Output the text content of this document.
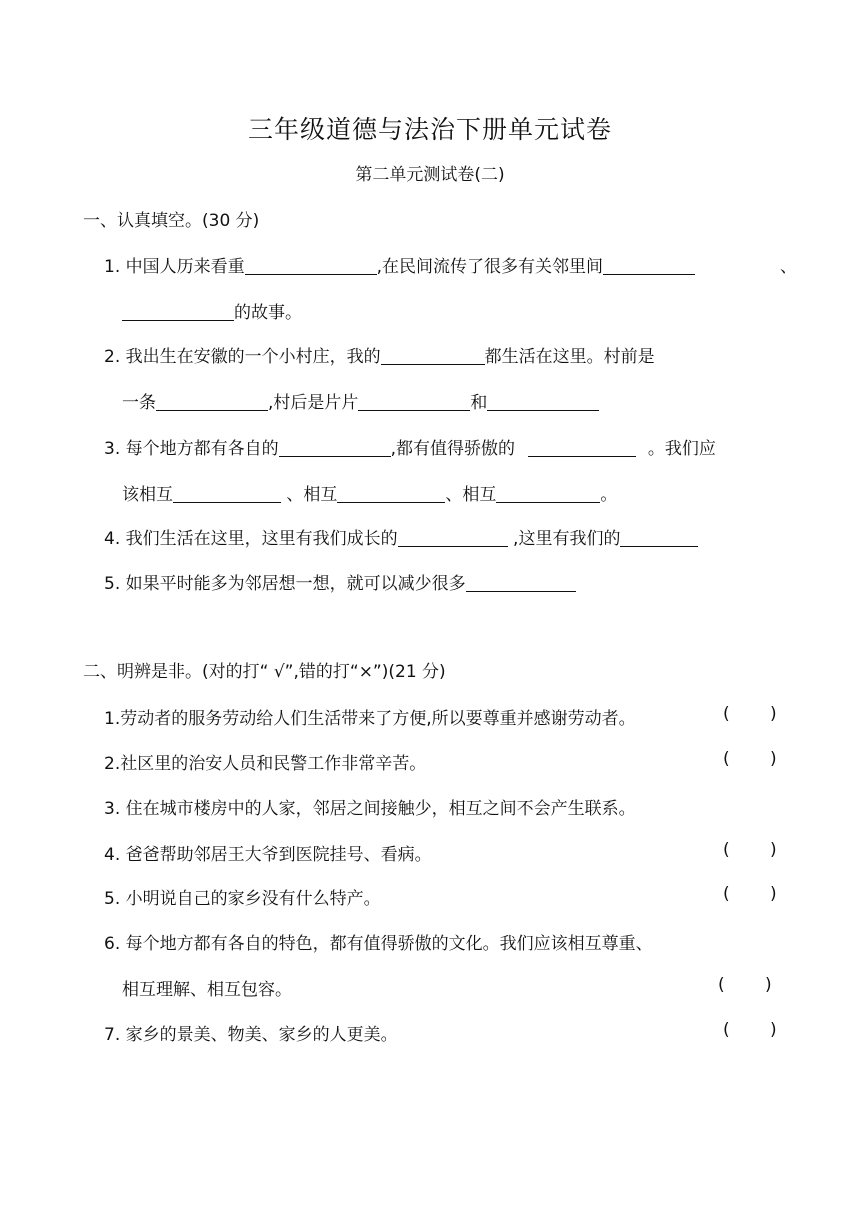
三年级道德与法治下册单元试卷
第二单元测试卷(二)
一、认真填空。(30 分)
1. 中国人历来看重	,在民间流传了很多有关邻里间	、
的故事。
2. 我出生在安徽的一个小村庄，我的	都生活在这里。村前是
一条	,村后是片片	和
3. 每个地方都有各自的	,都有值得骄傲的	。我们应
该相互	、相互	、相互	。
4. 我们生活在这里，这里有我们成长的	,这里有我们的
5. 如果平时能多为邻居想一想，就可以减少很多
二、明辨是非。(对的打“ √”,错的打“×”)(21 分)
1.劳动者的服务劳动给人们生活带来了方便,所以要尊重并感谢劳动者。	( )
2.社区里的治安人员和民警工作非常辛苦。	( )
3. 住在城市楼房中的人家，邻居之间接触少，相互之间不会产生联系。
4. 爸爸帮助邻居王大爷到医院挂号、看病。	( )
5. 小明说自己的家乡没有什么特产。	( )
6. 每个地方都有各自的特色，都有值得骄傲的文化。我们应该相互尊重、
相互理解、相互包容。	( )
7. 家乡的景美、物美、家乡的人更美。	( )
